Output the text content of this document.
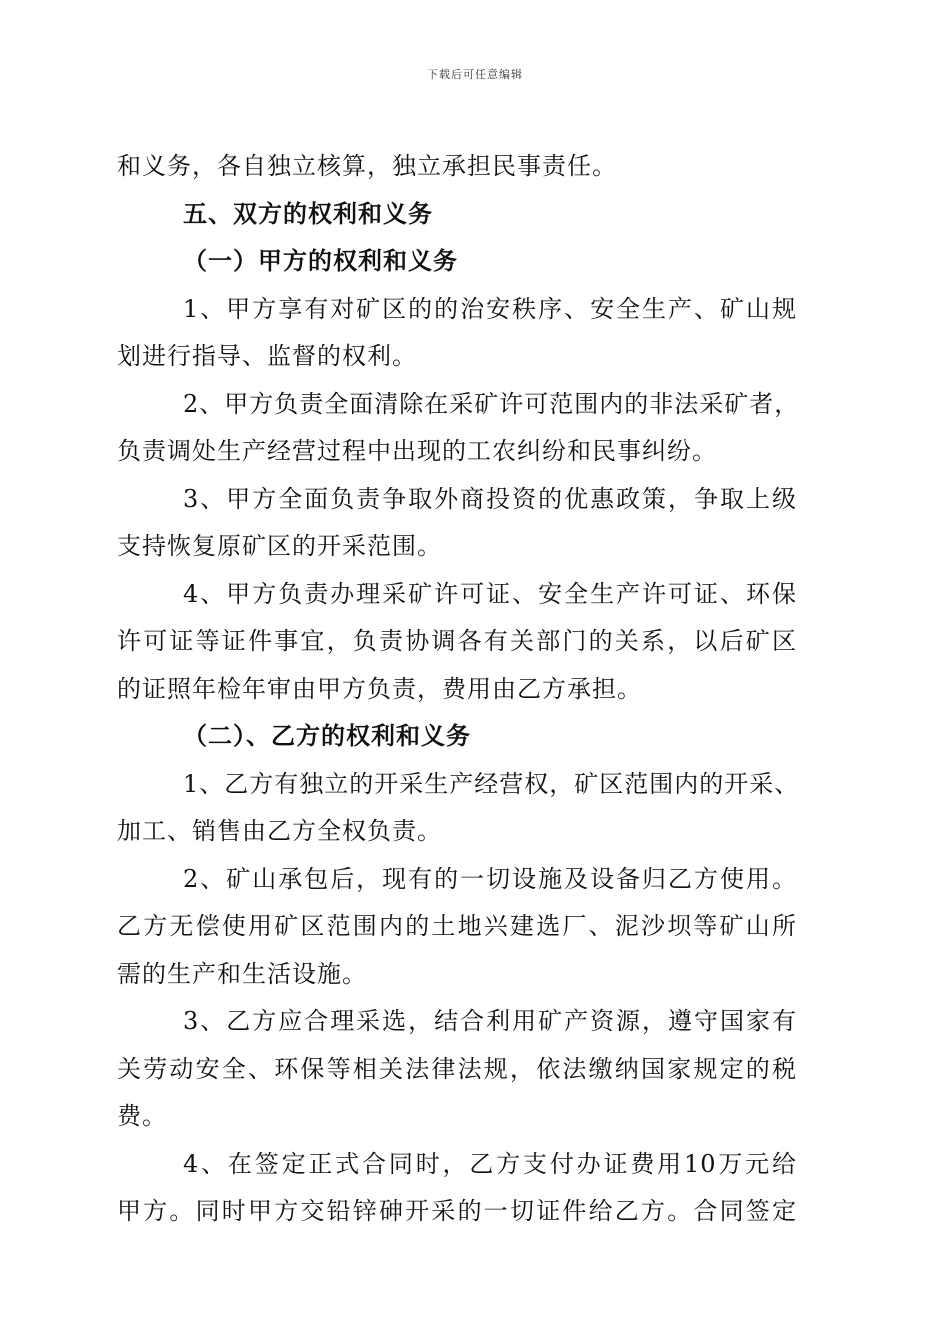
下载后可任意编辑
和义务，各自独立核算，独立承担民事责任。
五、双方的权利和义务
（一）甲方的权利和义务
1、甲方享有对矿区的的治安秩序、安全生产、矿山规
划进行指导、监督的权利。
2、甲方负责全面清除在采矿许可范围内的非法采矿者，
负责调处生产经营过程中出现的工农纠纷和民事纠纷。
3、甲方全面负责争取外商投资的优惠政策，争取上级
支持恢复原矿区的开采范围。
4、甲方负责办理采矿许可证、安全生产许可证、环保
许可证等证件事宜，负责协调各有关部门的关系，以后矿区
的证照年检年审由甲方负责，费用由乙方承担。
（二）、乙方的权利和义务
1、乙方有独立的开采生产经营权，矿区范围内的开采、
加工、销售由乙方全权负责。
2、矿山承包后，现有的一切设施及设备归乙方使用。
乙方无偿使用矿区范围内的土地兴建选厂、泥沙坝等矿山所
需的生产和生活设施。
3、乙方应合理采选，结合利用矿产资源，遵守国家有
关劳动安全、环保等相关法律法规，依法缴纳国家规定的税
费。
4、在签定正式合同时，乙方支付办证费用10万元给
甲方。同时甲方交铅锌砷开采的一切证件给乙方。合同签定
